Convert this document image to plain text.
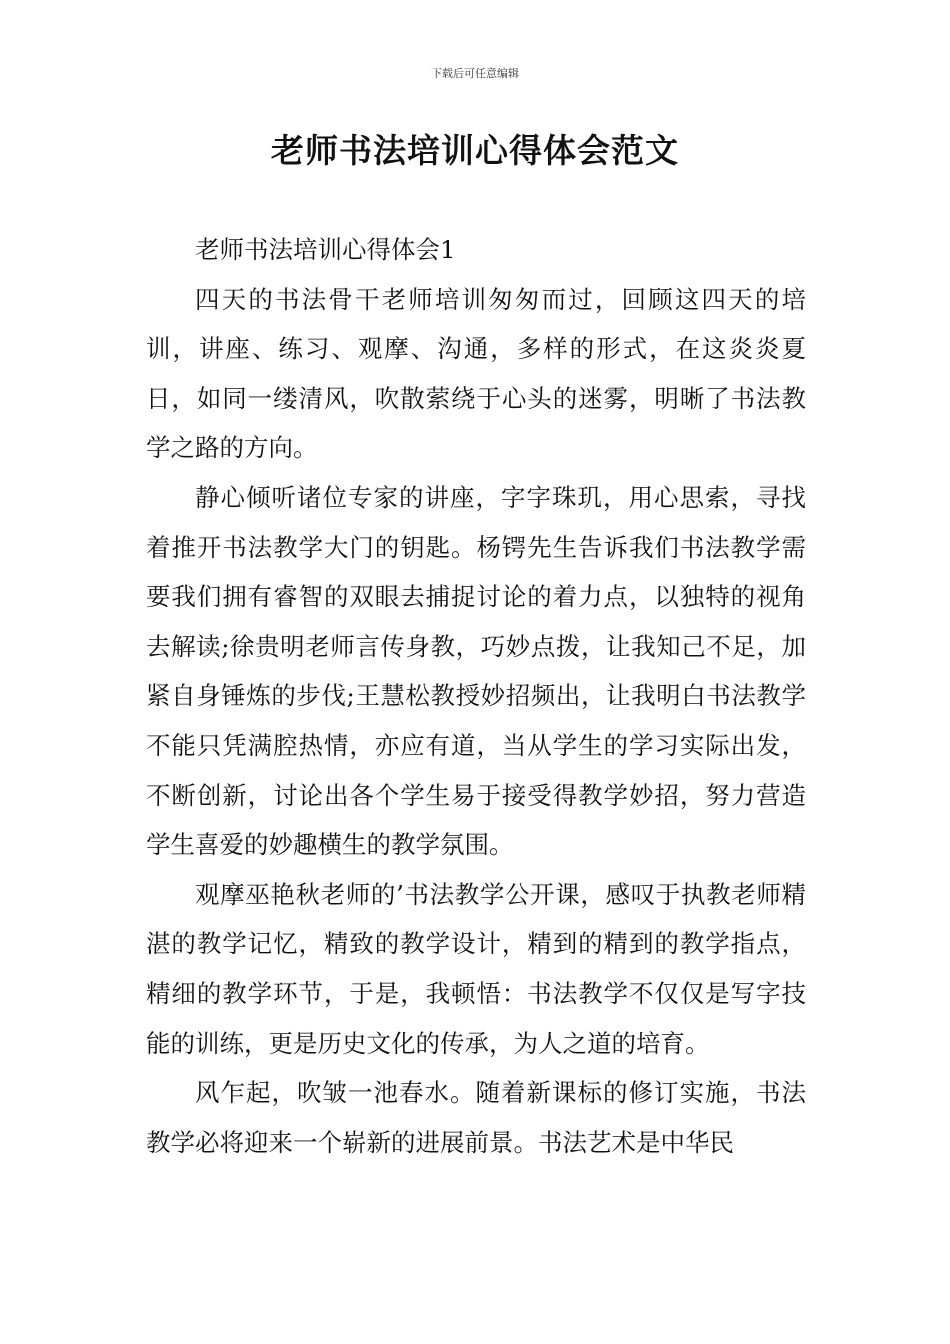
下载后可任意编辑
老师书法培训心得体会范文

老师书法培训心得体会1

四天的书法骨干老师培训匆匆而过，回顾这四天的培训，讲座、练习、观摩、沟通，多样的形式，在这炎炎夏日，如同一缕清风，吹散萦绕于心头的迷雾，明晰了书法教学之路的方向。

静心倾听诸位专家的讲座，字字珠玑，用心思索，寻找着推开书法教学大门的钥匙。杨锷先生告诉我们书法教学需要我们拥有睿智的双眼去捕捉讨论的着力点，以独特的视角去解读;徐贵明老师言传身教，巧妙点拨，让我知己不足，加紧自身锤炼的步伐;王慧松教授妙招频出，让我明白书法教学不能只凭满腔热情，亦应有道，当从学生的学习实际出发，不断创新，讨论出各个学生易于接受得教学妙招，努力营造学生喜爱的妙趣横生的教学氛围。

观摩巫艳秋老师的’书法教学公开课，感叹于执教老师精湛的教学记忆，精致的教学设计，精到的精到的教学指点，精细的教学环节，于是，我顿悟：书法教学不仅仅是写字技能的训练，更是历史文化的传承，为人之道的培育。

风乍起，吹皱一池春水。随着新课标的修订实施，书法教学必将迎来一个崭新的进展前景。书法艺术是中华民
